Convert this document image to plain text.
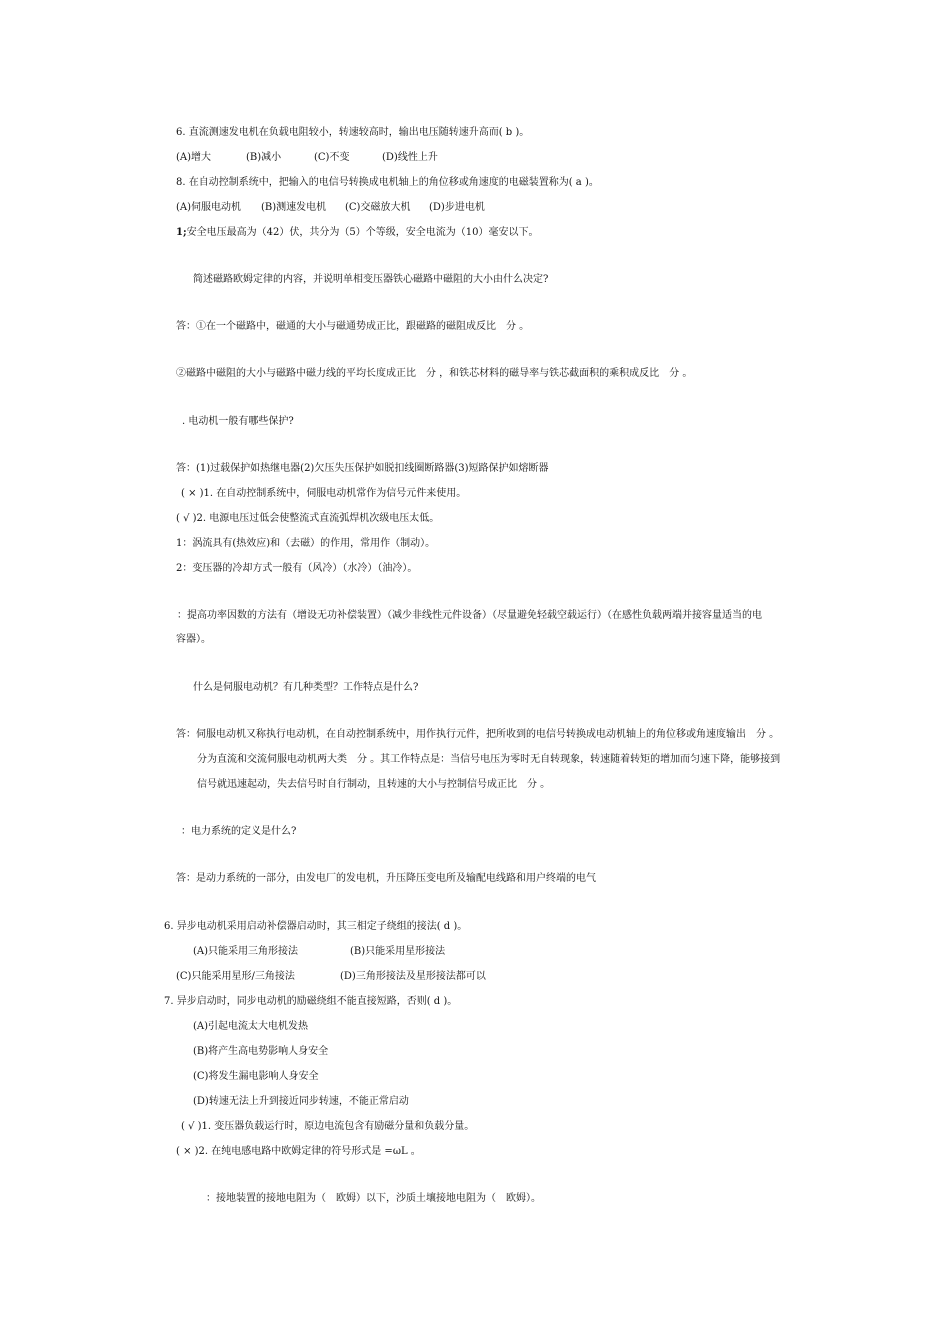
6. 直流测速发电机在负载电阻较小，转速较高时，输出电压随转速升高而( b )。
(A)增大	(B)减小	(C)不变	(D)线性上升
8. 在自动控制系统中，把输入的电信号转换成电机轴上的角位移或角速度的电磁装置称为( a )。
(A)伺服电动机 (B)测速发电机 (C)交磁放大机 (D)步进电机
1;安全电压最高为（42）伏，共分为（5）个等级，安全电流为（10）毫安以下。
简述磁路欧姆定律的内容，并说明单相变压器铁心磁路中磁阻的大小由什么决定?
答：①在一个磁路中，磁通的大小与磁通势成正比，跟磁路的磁阻成反比　分 。
②磁路中磁阻的大小与磁路中磁力线的平均长度成正比　分 ，和铁芯材料的磁导率与铁芯截面积的乘积成反比　分 。
. 电动机一般有哪些保护?
答：(1)过载保护如热继电器(2)欠压失压保护如脱扣线圈断路器(3)短路保护如熔断器
( × )1. 在自动控制系统中，伺服电动机常作为信号元件来使用。
( √ )2. 电源电压过低会使整流式直流弧焊机次级电压太低。
1：涡流具有(热效应)和（去磁）的作用，常用作（制动）。
2：变压器的冷却方式一般有（风冷）（水冷）（油冷）。
：提高功率因数的方法有（增设无功补偿装置）（减少非线性元件设备）（尽量避免轻载空载运行）（在感性负载两端并接容量适当的电
容器）。
什么是伺服电动机？有几种类型？工作特点是什么?
答：伺服电动机又称执行电动机，在自动控制系统中，用作执行元件，把所收到的电信号转换成电动机轴上的角位移或角速度输出　分 。
分为直流和交流伺服电动机两大类　分 。其工作特点是：当信号电压为零时无自转现象，转速随着转矩的增加而匀速下降，能够接到
信号就迅速起动，失去信号时自行制动，且转速的大小与控制信号成正比　分 。
：电力系统的定义是什么?
答：是动力系统的一部分，由发电厂的发电机，升压降压变电所及输配电线路和用户终端的电气
6. 异步电动机采用启动补偿器启动时，其三相定子绕组的接法( d )。
(A)只能采用三角形接法	(B)只能采用星形接法
(C)只能采用星形/三角接法	(D)三角形接法及星形接法都可以
7. 异步启动时，同步电动机的励磁绕组不能直接短路，否则( d )。
(A)引起电流太大电机发热
(B)将产生高电势影响人身安全
(C)将发生漏电影响人身安全
(D)转速无法上升到接近同步转速，不能正常启动
( √ )1. 变压器负载运行时，原边电流包含有励磁分量和负载分量。
( × )2. 在纯电感电路中欧姆定律的符号形式是 =ωL 。
：接地装置的接地电阻为（　欧姆）以下，沙质土壤接地电阻为（　欧姆）。
